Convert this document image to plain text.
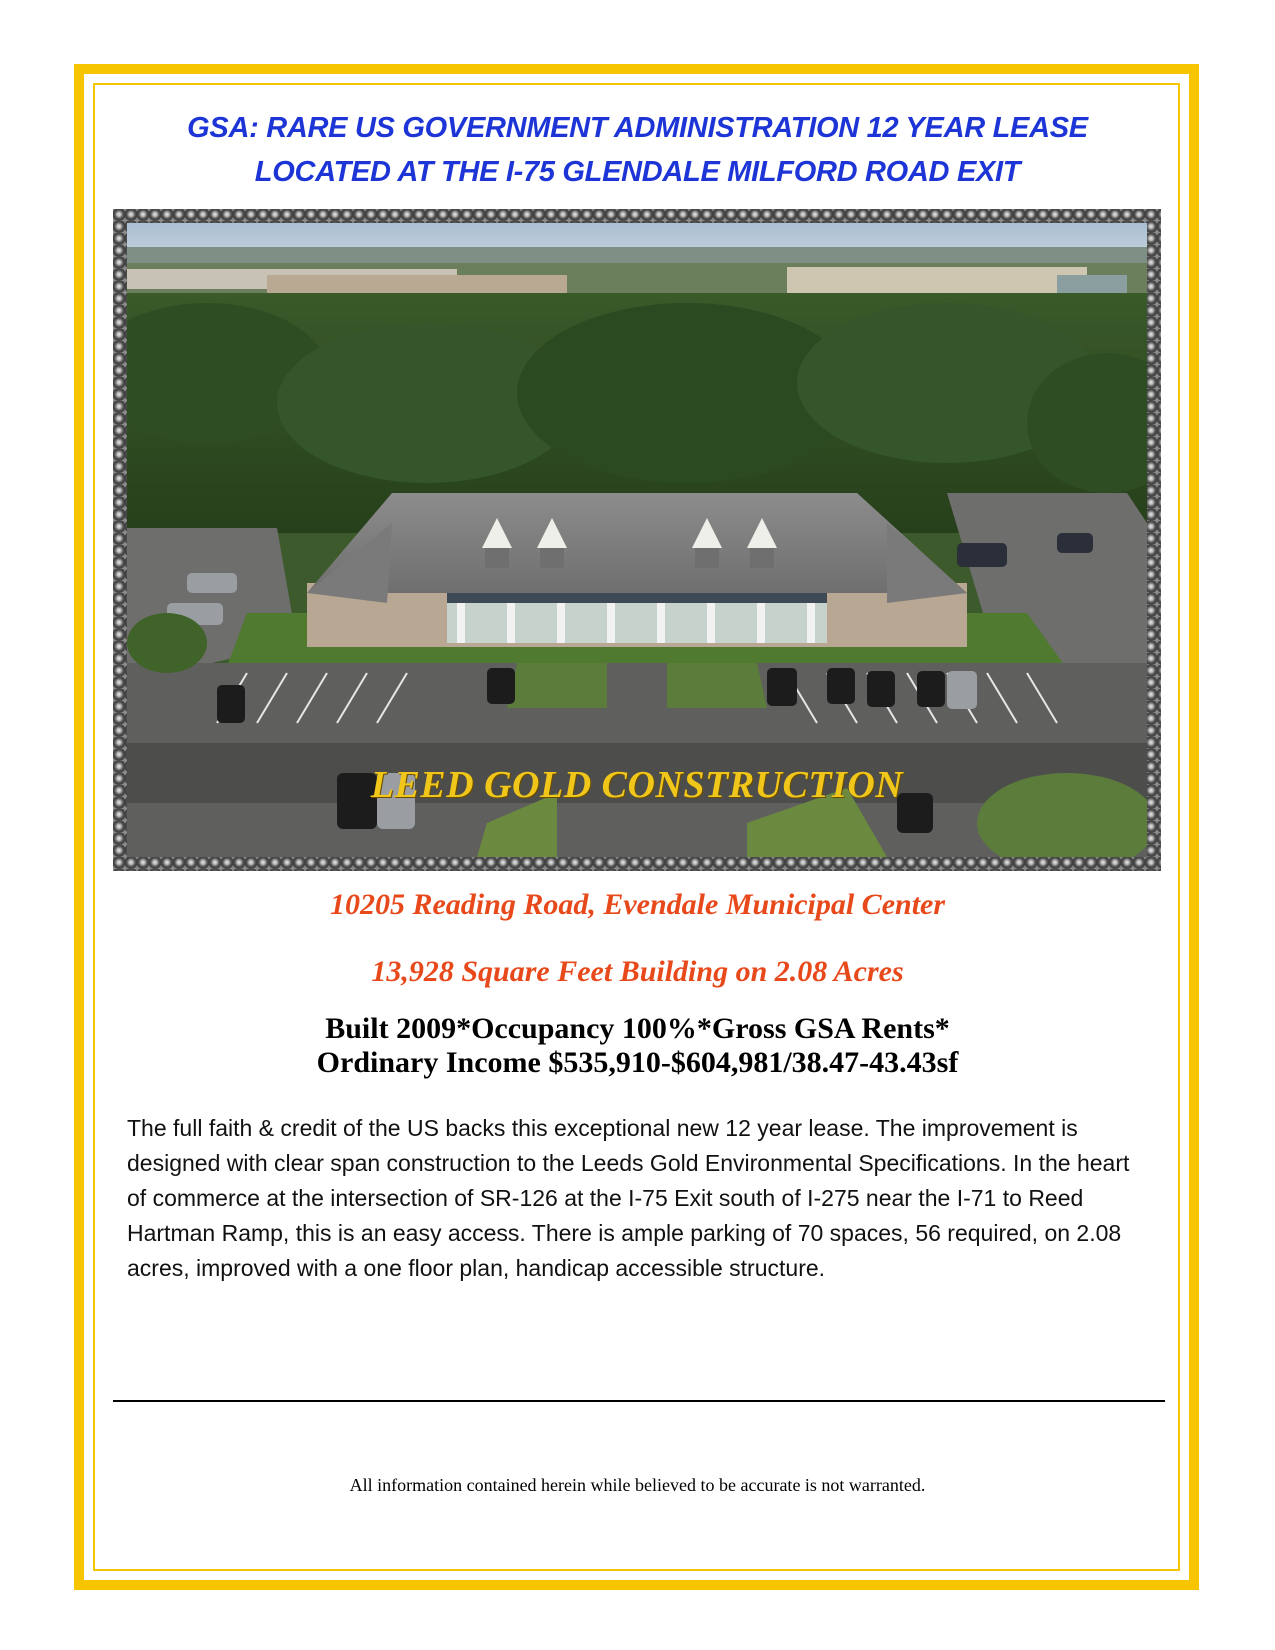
GSA: RARE US GOVERNMENT ADMINISTRATION 12 YEAR LEASE
LOCATED AT THE I-75 GLENDALE MILFORD ROAD EXIT
LEED GOLD CONSTRUCTION
10205 Reading Road, Evendale Municipal Center
13,928 Square Feet Building on 2.08 Acres
Built 2009*Occupancy 100%*Gross GSA Rents*
Ordinary Income $535,910-$604,981/38.47-43.43sf
The full faith & credit of the US backs this exceptional new 12 year lease. The improvement is designed with clear span construction to the Leeds Gold Environmental Specifications. In the heart of commerce at the intersection of SR-126 at the I-75 Exit south of I-275 near the I-71 to Reed Hartman Ramp, this is an easy access. There is ample parking of 70 spaces, 56 required, on 2.08 acres, improved with a one floor plan, handicap accessible structure.
All information contained herein while believed to be accurate is not warranted.
